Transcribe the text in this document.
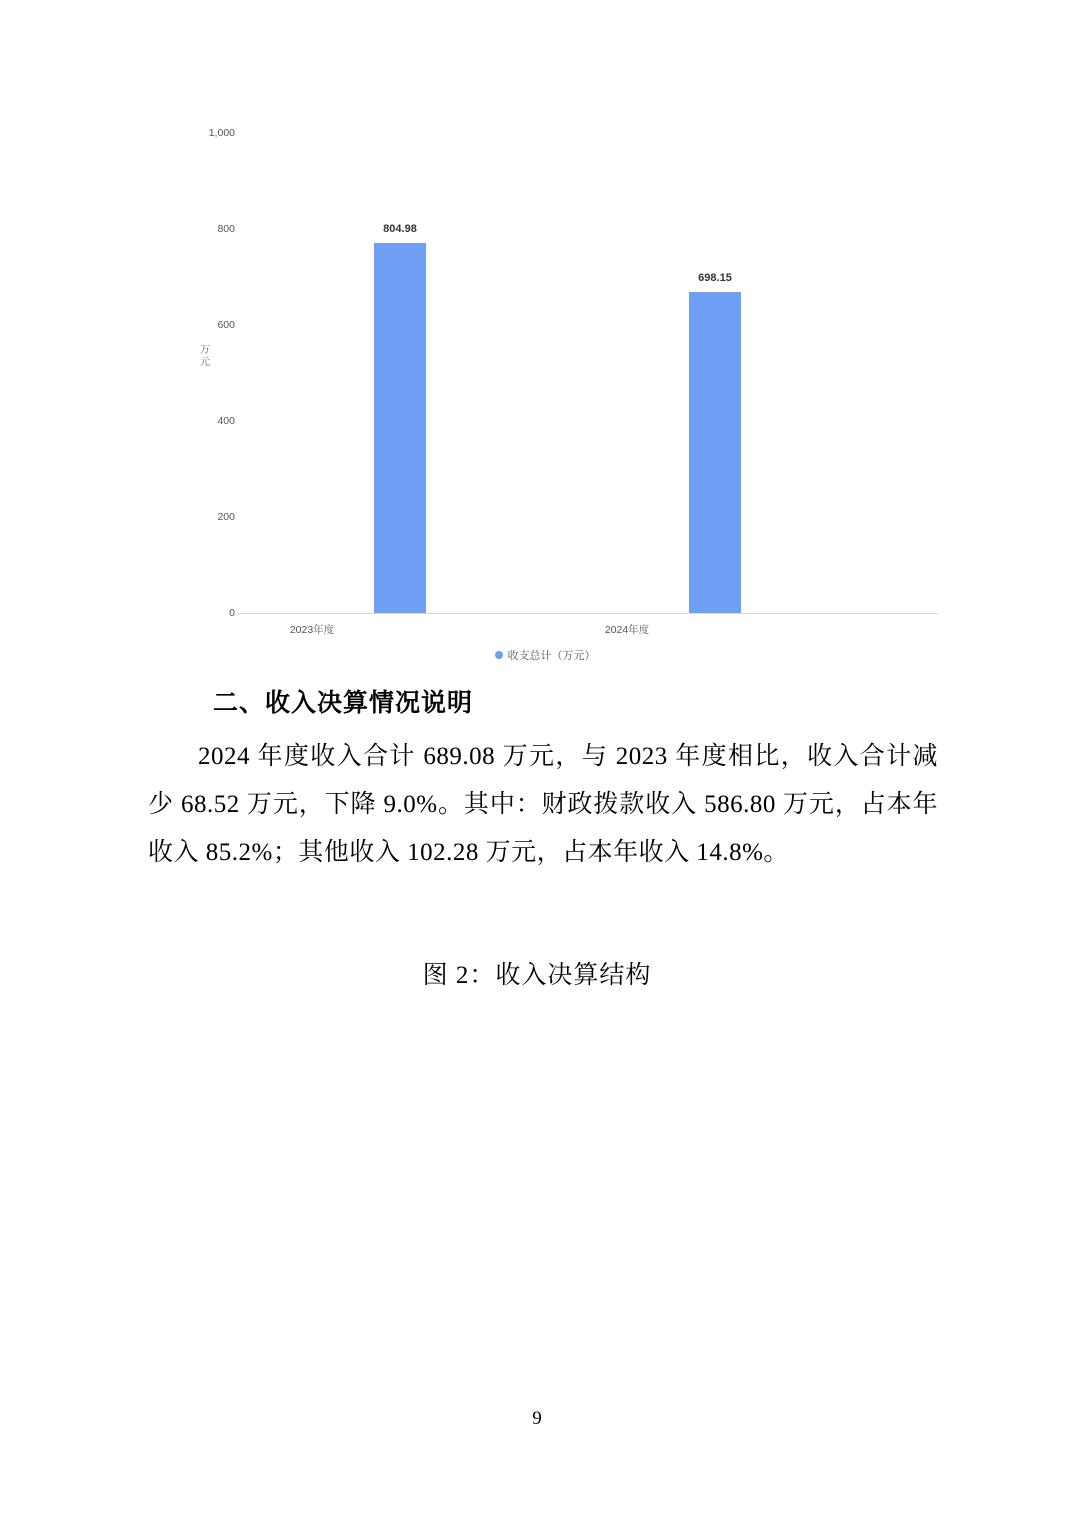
万元
1,000
800
600
400
200
0
804.98
698.15
2023年度	2024年度
收支总计（万元）
二、收入决算情况说明
2024 年度收入合计 689.08 万元，与 2023 年度相比，收入合计减少 68.52 万元，下降 9.0%。其中：财政拨款收入 586.80 万元，占本年收入 85.2%；其他收入 102.28 万元，占本年收入 14.8%。
图 2：收入决算结构
9
